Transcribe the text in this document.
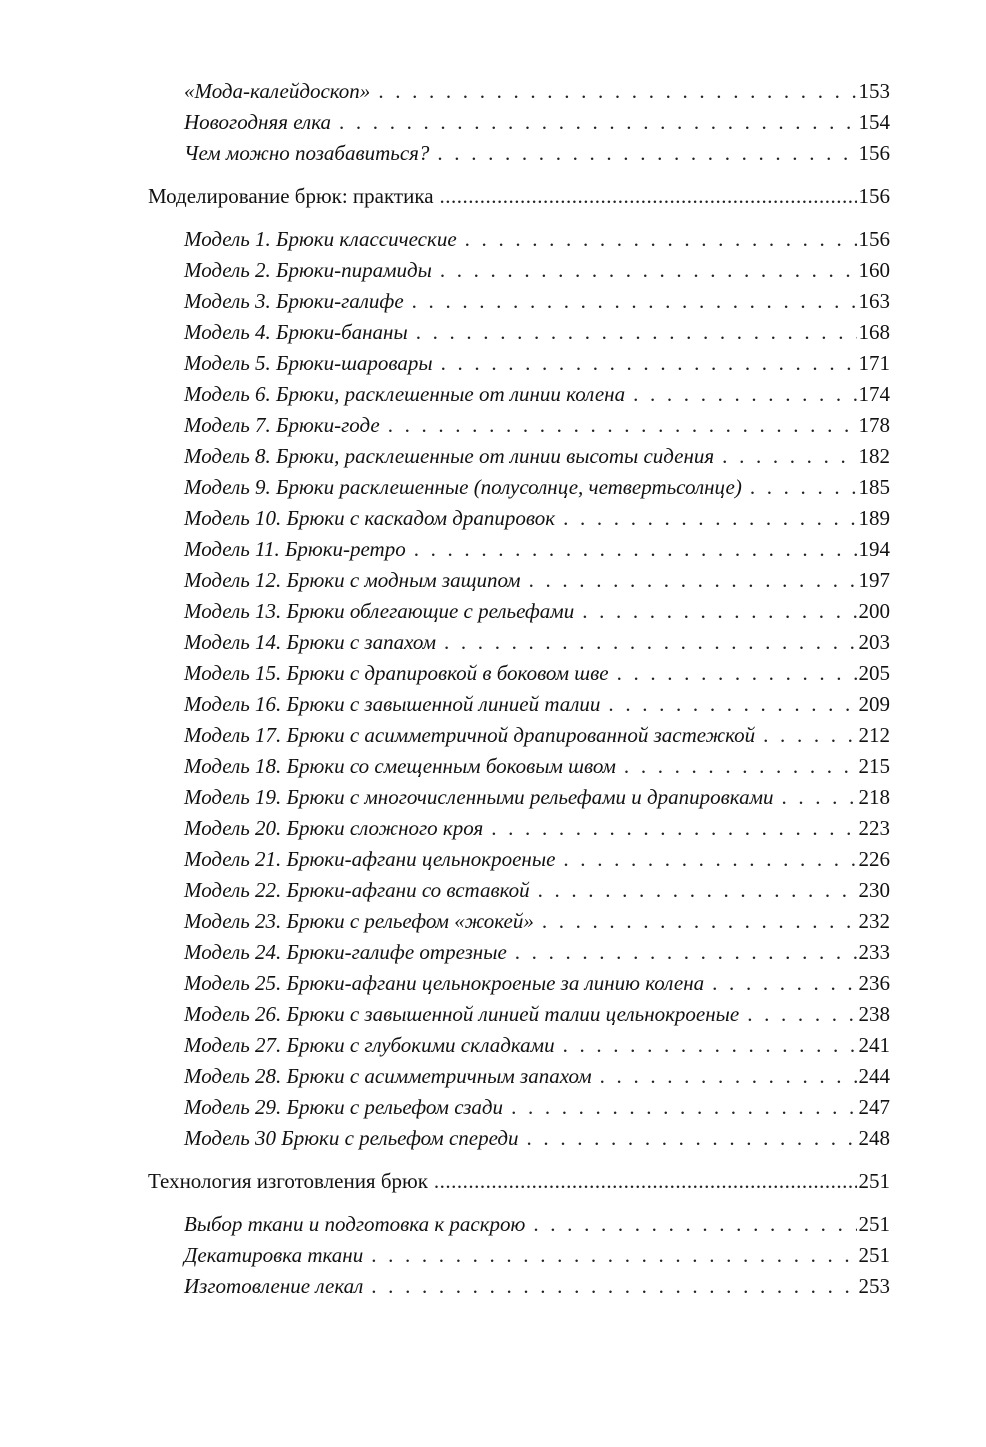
«Мода-калейдоскоп» . . .	153
Новогодняя елка . . .	154
Чем можно позабавиться? . . .	156
Моделирование брюк: практика .....	156
Модель 1. Брюки классические . . .	156
Модель 2. Брюки-пирамиды . . .	160
Модель 3. Брюки-галифе . . .	163
Модель 4. Брюки-бананы . . .	168
Модель 5. Брюки-шаровары . . .	171
Модель 6. Брюки, расклешенные от линии колена . . .	174
Модель 7. Брюки-годе . . .	178
Модель 8. Брюки, расклешенные от линии высоты сидения . . .	182
Модель 9. Брюки расклешенные (полусолнце, четвертьсолнце) . . .	185
Модель 10. Брюки с каскадом драпировок . . .	189
Модель 11. Брюки-ретро . . .	194
Модель 12. Брюки с модным защипом . . .	197
Модель 13. Брюки облегающие с рельефами . . .	200
Модель 14. Брюки с запахом . . .	203
Модель 15. Брюки с драпировкой в боковом шве . . .	205
Модель 16. Брюки с завышенной линией талии . . .	209
Модель 17. Брюки с асимметричной драпированной застежкой . . .	212
Модель 18. Брюки со смещенным боковым швом . . .	215
Модель 19. Брюки с многочисленными рельефами и драпировками . . .	218
Модель 20. Брюки сложного кроя . . .	223
Модель 21. Брюки-афгани цельнокроеные . . .	226
Модель 22. Брюки-афгани со вставкой . . .	230
Модель 23. Брюки с рельефом «жокей» . . .	232
Модель 24. Брюки-галифе отрезные . . .	233
Модель 25. Брюки-афгани цельнокроеные за линию колена . . .	236
Модель 26. Брюки с завышенной линией талии цельнокроеные . . .	238
Модель 27. Брюки с глубокими складками . . .	241
Модель 28. Брюки с асимметричным запахом . . .	244
Модель 29. Брюки с рельефом сзади . . .	247
Модель 30 Брюки с рельефом спереди . . .	248
Технология изготовления брюк .....	251
Выбор ткани и подготовка к раскрою . . .	251
Декатировка ткани . . .	251
Изготовление лекал . . .	253
